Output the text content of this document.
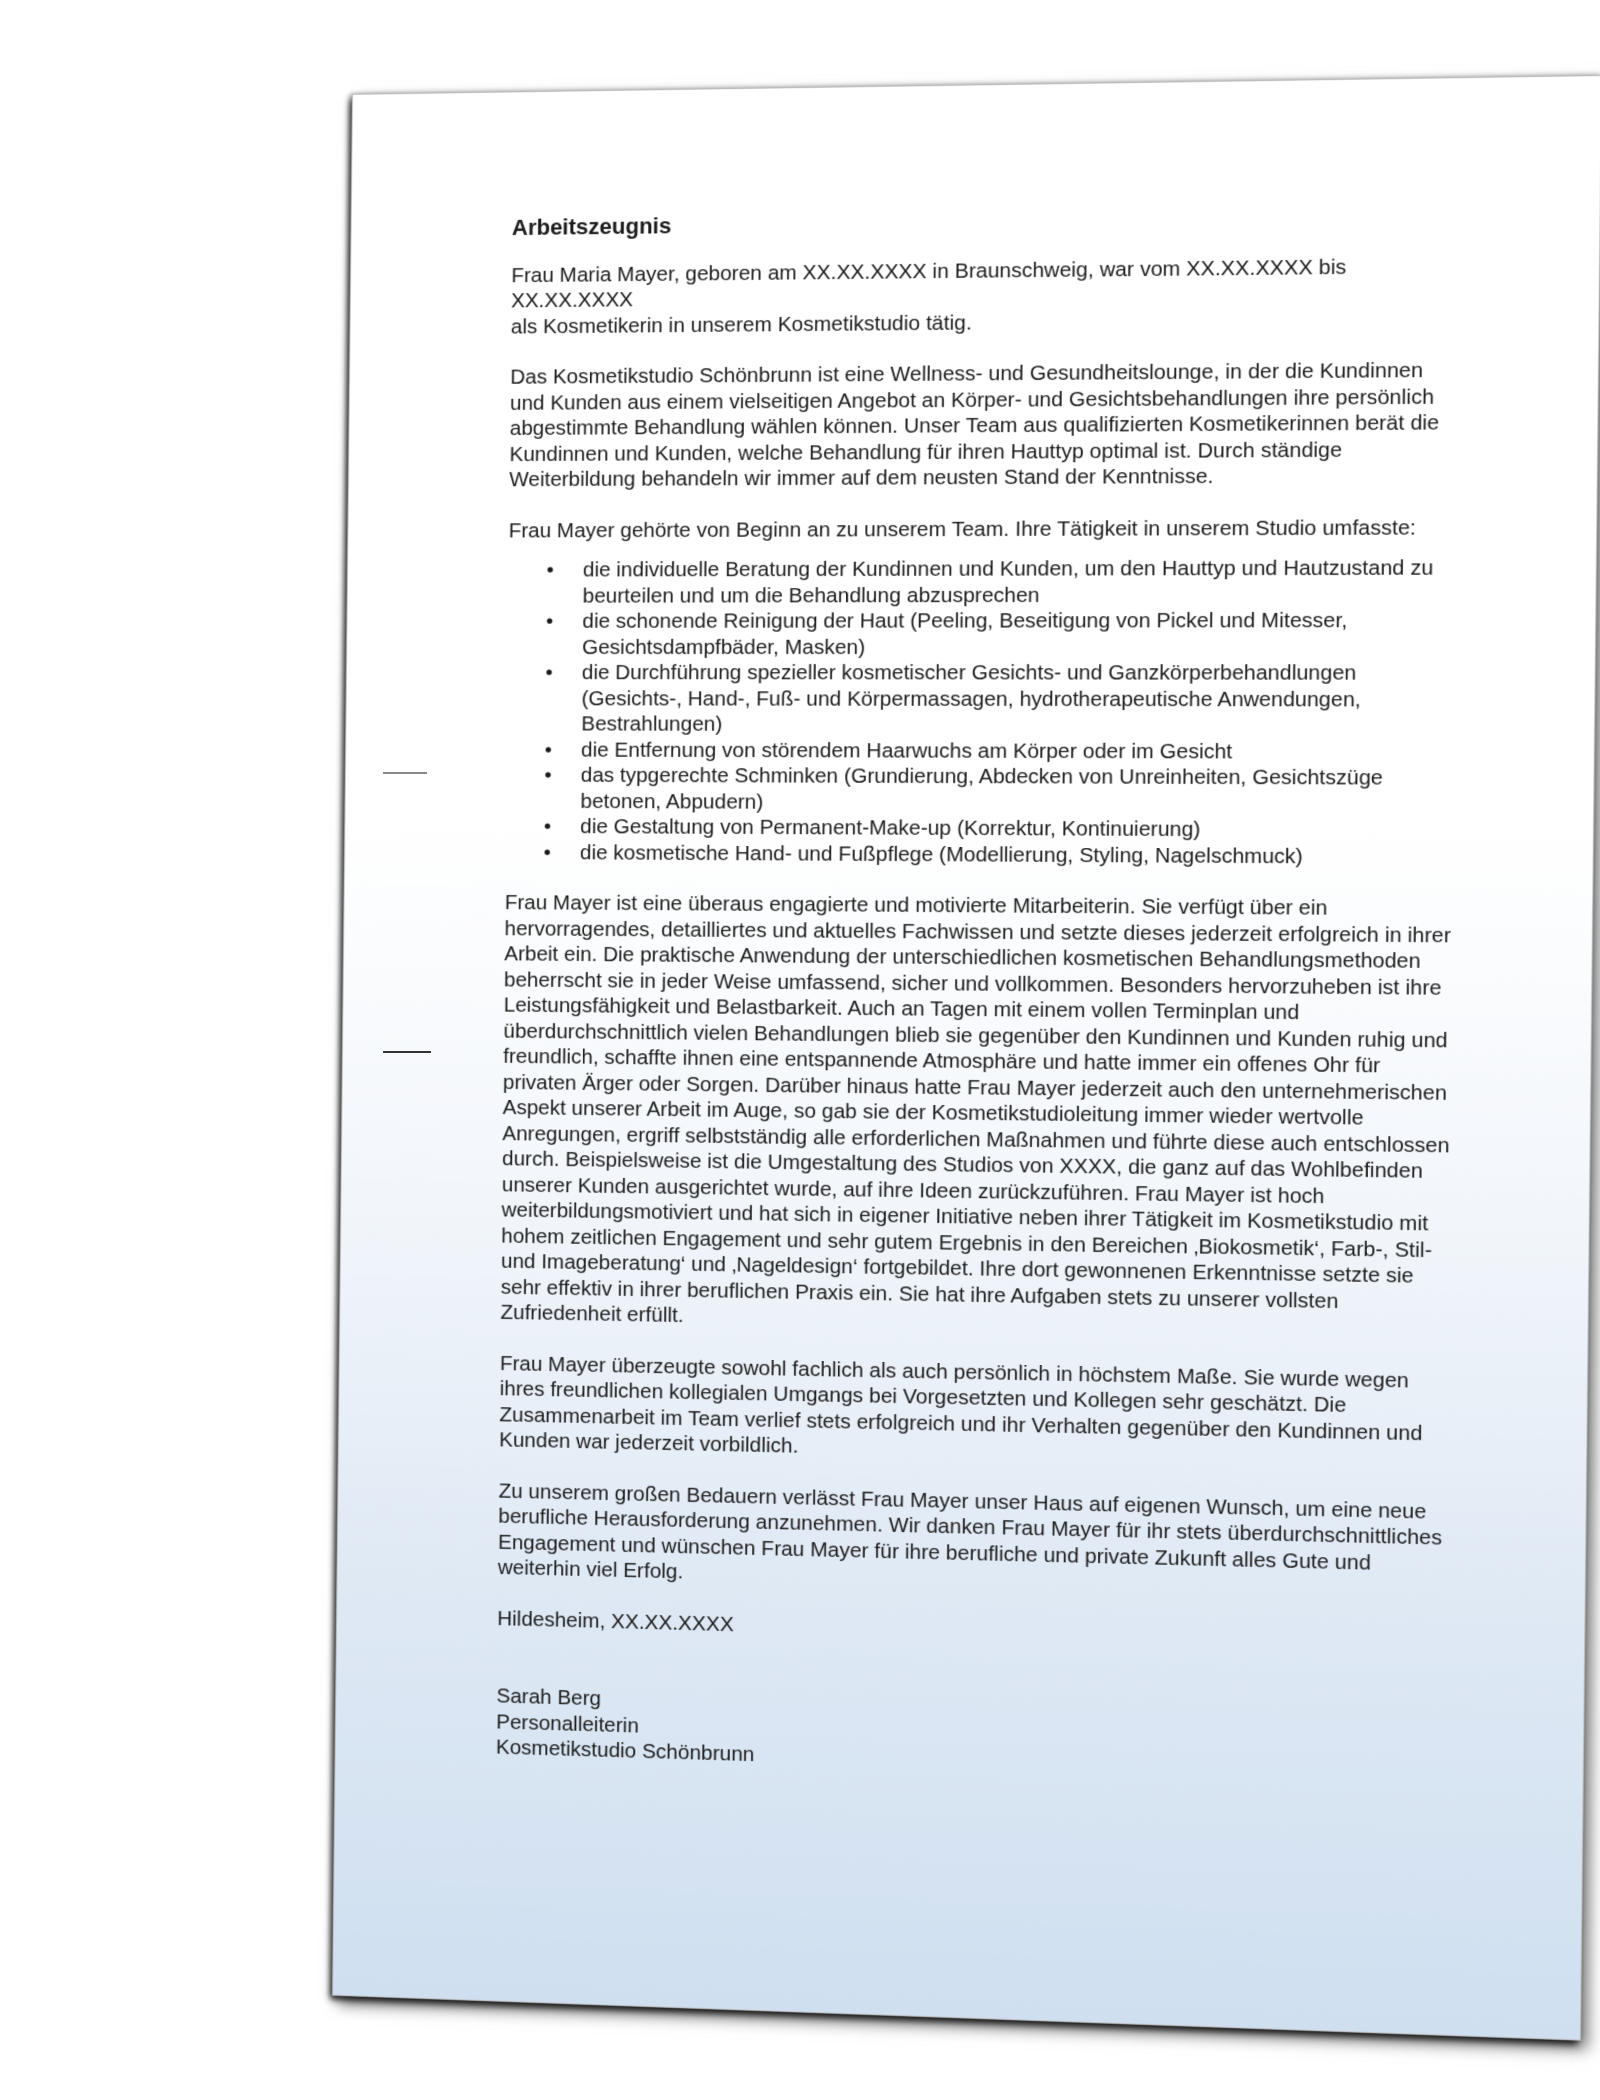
Arbeitszeugnis
Frau Maria Mayer, geboren am XX.XX.XXXX in Braunschweig, war vom XX.XX.XXXX bis XX.XX.XXXX
als Kosmetikerin in unserem Kosmetikstudio tätig.
Das Kosmetikstudio Schönbrunn ist eine Wellness- und Gesundheitslounge, in der die Kundinnen und Kunden aus einem vielseitigen Angebot an Körper- und Gesichtsbehandlungen ihre persönlich abgestimmte Behandlung wählen können. Unser Team aus qualifizierten Kosmetikerinnen berät die Kundinnen und Kunden, welche Behandlung für ihren Hauttyp optimal ist. Durch ständige Weiterbildung behandeln wir immer auf dem neusten Stand der Kenntnisse.
Frau Mayer gehörte von Beginn an zu unserem Team. Ihre Tätigkeit in unserem Studio umfasste:
• die individuelle Beratung der Kundinnen und Kunden, um den Hauttyp und Hautzustand zu beurteilen und um die Behandlung abzusprechen
• die schonende Reinigung der Haut (Peeling, Beseitigung von Pickel und Mitesser, Gesichtsdampfbäder, Masken)
• die Durchführung spezieller kosmetischer Gesichts- und Ganzkörperbehandlungen (Gesichts-, Hand-, Fuß- und Körpermassagen, hydrotherapeutische Anwendungen, Bestrahlungen)
• die Entfernung von störendem Haarwuchs am Körper oder im Gesicht
• das typgerechte Schminken (Grundierung, Abdecken von Unreinheiten, Gesichtszüge betonen, Abpudern)
• die Gestaltung von Permanent-Make-up (Korrektur, Kontinuierung)
• die kosmetische Hand- und Fußpflege (Modellierung, Styling, Nagelschmuck)
Frau Mayer ist eine überaus engagierte und motivierte Mitarbeiterin. Sie verfügt über ein hervorragendes, detailliertes und aktuelles Fachwissen und setzte dieses jederzeit erfolgreich in ihrer Arbeit ein. Die praktische Anwendung der unterschiedlichen kosmetischen Behandlungsmethoden beherrscht sie in jeder Weise umfassend, sicher und vollkommen. Besonders hervorzuheben ist ihre Leistungsfähigkeit und Belastbarkeit. Auch an Tagen mit einem vollen Terminplan und überdurchschnittlich vielen Behandlungen blieb sie gegenüber den Kundinnen und Kunden ruhig und freundlich, schaffte ihnen eine entspannende Atmosphäre und hatte immer ein offenes Ohr für privaten Ärger oder Sorgen. Darüber hinaus hatte Frau Mayer jederzeit auch den unternehmerischen Aspekt unserer Arbeit im Auge, so gab sie der Kosmetikstudioleitung immer wieder wertvolle Anregungen, ergriff selbstständig alle erforderlichen Maßnahmen und führte diese auch entschlossen durch. Beispielsweise ist die Umgestaltung des Studios von XXXX, die ganz auf das Wohlbefinden unserer Kunden ausgerichtet wurde, auf ihre Ideen zurückzuführen. Frau Mayer ist hoch weiterbildungsmotiviert und hat sich in eigener Initiative neben ihrer Tätigkeit im Kosmetikstudio mit hohem zeitlichen Engagement und sehr gutem Ergebnis in den Bereichen ‚Biokosmetik‘, Farb-, Stil- und Imageberatung‘ und ‚Nageldesign‘ fortgebildet. Ihre dort gewonnenen Erkenntnisse setzte sie sehr effektiv in ihrer beruflichen Praxis ein. Sie hat ihre Aufgaben stets zu unserer vollsten Zufriedenheit erfüllt.
Frau Mayer überzeugte sowohl fachlich als auch persönlich in höchstem Maße. Sie wurde wegen ihres freundlichen kollegialen Umgangs bei Vorgesetzten und Kollegen sehr geschätzt. Die Zusammenarbeit im Team verlief stets erfolgreich und ihr Verhalten gegenüber den Kundinnen und Kunden war jederzeit vorbildlich.
Zu unserem großen Bedauern verlässt Frau Mayer unser Haus auf eigenen Wunsch, um eine neue berufliche Herausforderung anzunehmen. Wir danken Frau Mayer für ihr stets überdurchschnittliches Engagement und wünschen Frau Mayer für ihre berufliche und private Zukunft alles Gute und weiterhin viel Erfolg.
Hildesheim, XX.XX.XXXX
Sarah Berg
Personalleiterin
Kosmetikstudio Schönbrunn
